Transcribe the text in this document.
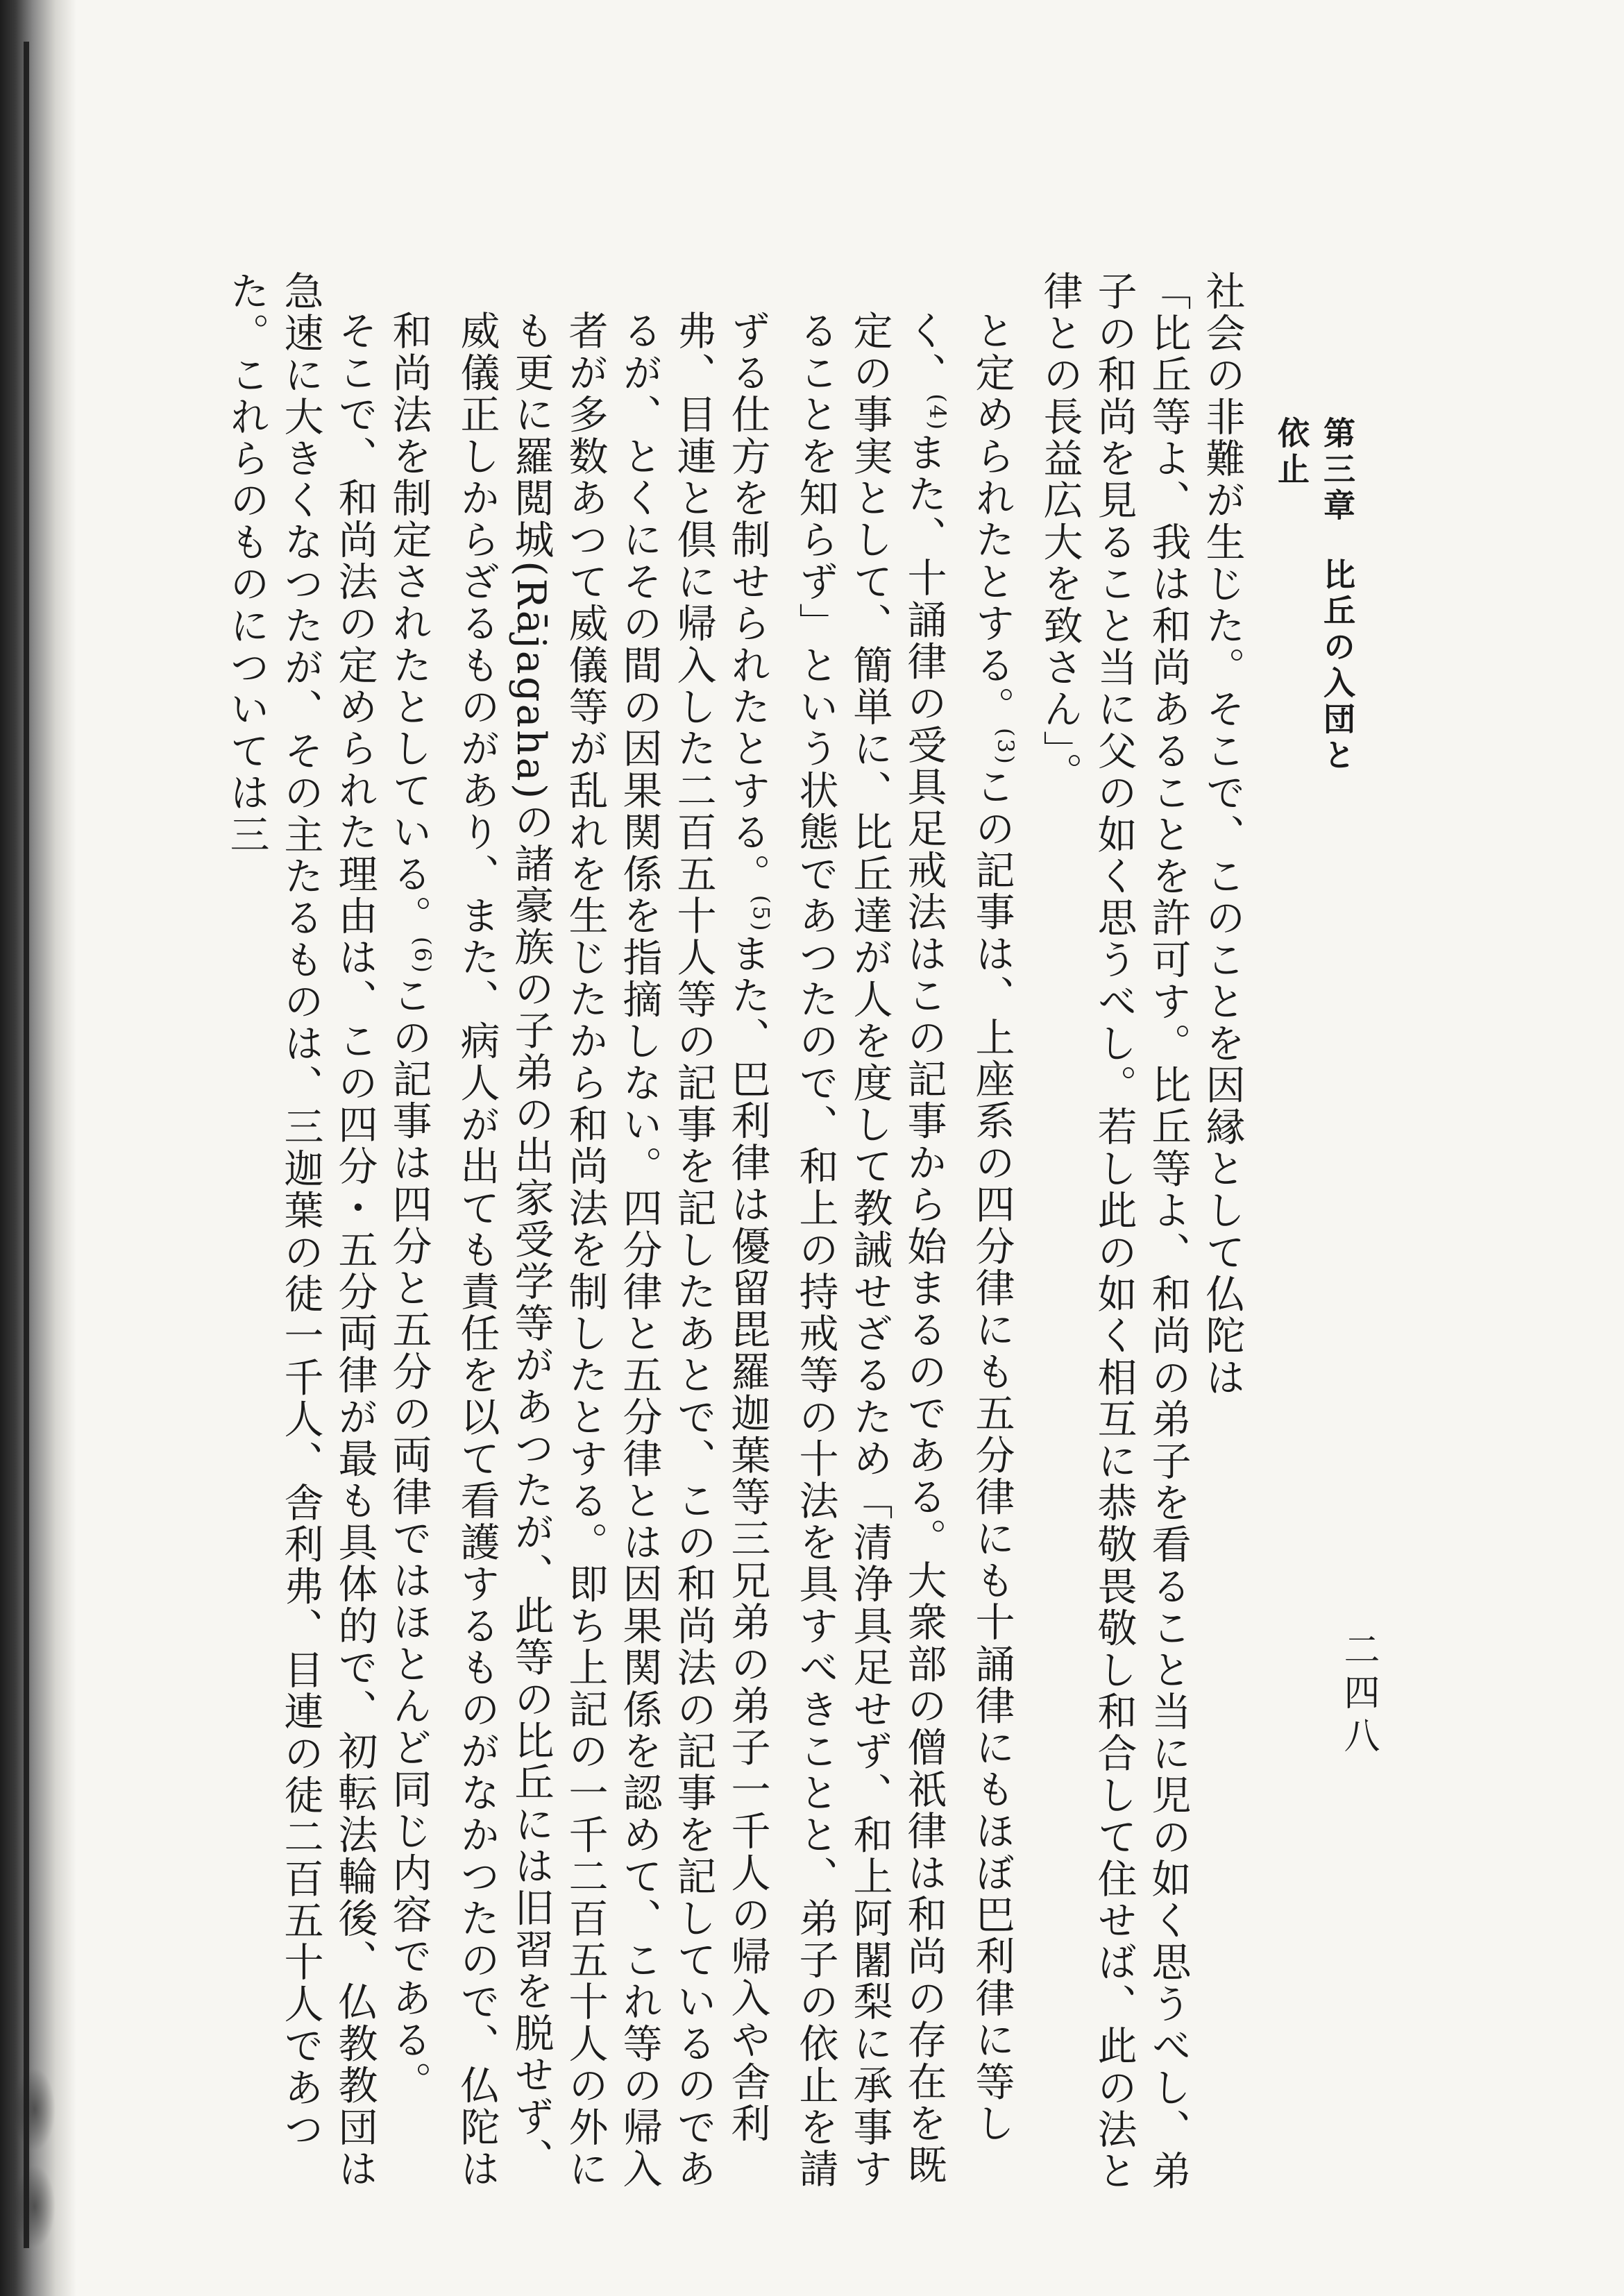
第三章比丘の入団と依止
二四八

社会の非難が生じた。そこで、このことを因縁として仏陀は

「比丘等よ、我は和尚あることを許可す。比丘等よ、和尚の弟子を看ること当に児の如く思うべし、弟子の和尚を見ること当に父の如く思うべし。若し此の如く相互に恭敬畏敬し和合して住せば、此の法と律との長益広大を致さん」。

と定められたとする。$^{(3)}$この記事は、上座系の四分律にも五分律にも十誦律にもほぼ巴利律に等しく、$^{(4)}$また、十誦律の受具足戒法はこの記事から始まるのである。大衆部の僧祇律は和尚の存在を既定の事実として、簡単に、比丘達が人を度して教誡せざるため「清浄具足せず、和上阿闍梨に承事することを知らず」という状態であつたので、和上の持戒等の十法を具すべきことと、弟子の依止を請ずる仕方を制せられたとする。$^{(5)}$また、巴利律は優留毘羅迦葉等三兄弟の弟子一千人の帰入や舎利弗、目連と倶に帰入した二百五十人等の記事を記したあとで、この和尚法の記事を記しているのであるが、とくにその間の因果関係を指摘しない。四分律と五分律とは因果関係を認めて、これ等の帰入者が多数あつて威儀等が乱れを生じたから和尚法を制したとする。即ち上記の一千二百五十人の外にも更に羅閲城(Rājagaha)の諸豪族の子弟の出家受学等があつたが、此等の比丘には旧習を脱せず、威儀正しからざるものがあり、また、病人が出ても責任を以て看護するものがなかつたので、仏陀は和尚法を制定されたとしている。$^{(6)}$この記事は四分と五分の両律ではほとんど同じ内容である。

そこで、和尚法の定められた理由は、この四分・五分両律が最も具体的で、初転法輪後、仏教教団は急速に大きくなつたが、その主たるものは、三迦葉の徒一千人、舎利弗、目連の徒二百五十人であつた。これらのものについては三
